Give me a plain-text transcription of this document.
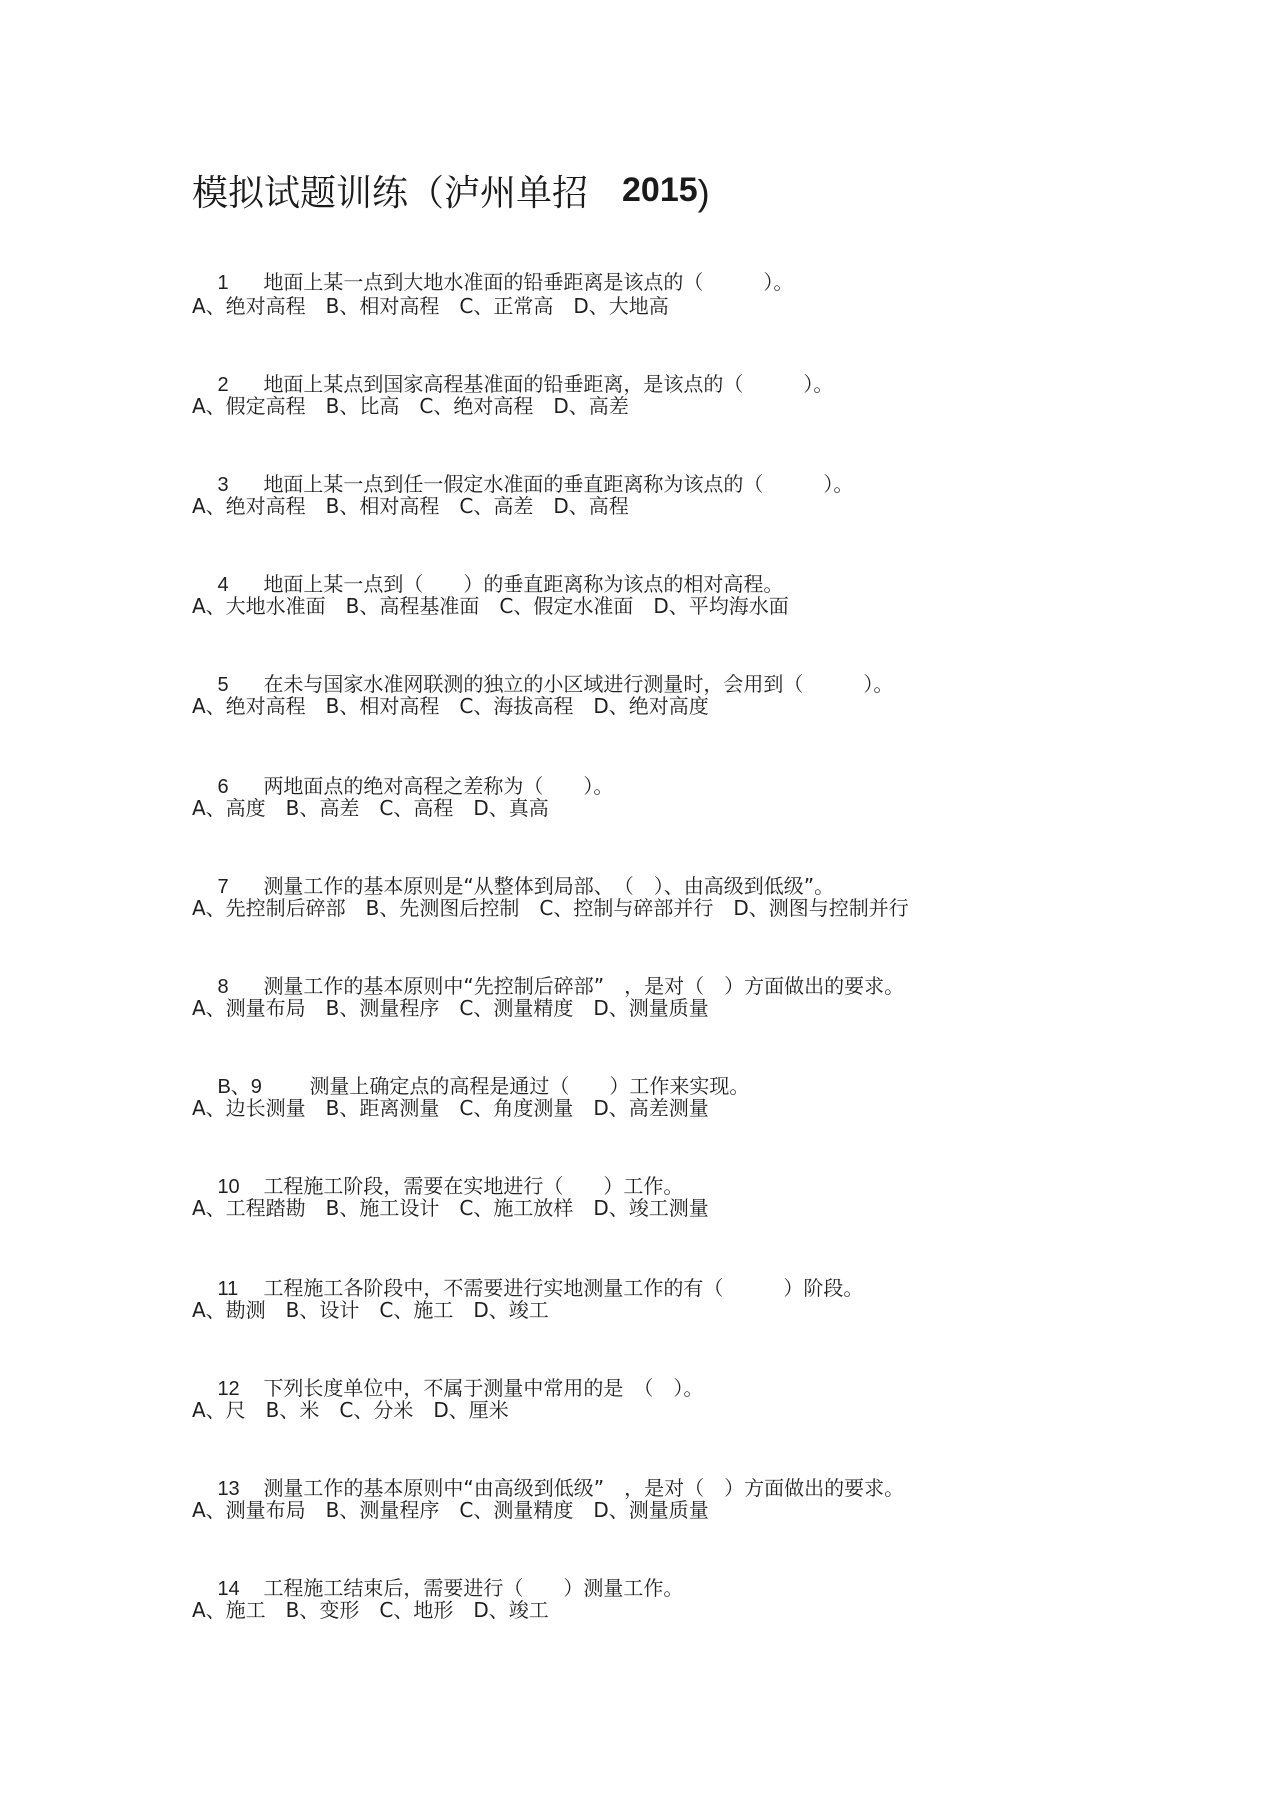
模拟试题训练（泸州单招 2015)

1 地面上某一点到大地水准面的铅垂距离是该点的（　　　）。

A、绝对高程　B、相对高程　C、正常高　D、大地高

2 地面上某点到国家高程基准面的铅垂距离，是该点的（　　　）。

A、假定高程　B、比高　C、绝对高程　D、高差

3 地面上某一点到任一假定水准面的垂直距离称为该点的（　　　）。

A、绝对高程　B、相对高程　C、高差　D、高程

4 地面上某一点到（　　）的垂直距离称为该点的相对高程。

A、大地水准面　B、高程基准面　C、假定水准面　D、平均海水面

5 在未与国家水准网联测的独立的小区域进行测量时，会用到（　　　）。

A、绝对高程　B、相对高程　C、海拔高程　D、绝对高度

6 两地面点的绝对高程之差称为（　　）。

A、高度　B、高差　C、高程　D、真高

7 测量工作的基本原则是“从整体到局部、　（　）、由高级到低级”。

A、先控制后碎部　B、先测图后控制　C、控制与碎部并行　D、测图与控制并行

8 测量工作的基本原则中“先控制后碎部”　，是对（　）方面做出的要求。

A、测量布局　B、测量程序　C、测量精度　D、测量质量

B、9 测量上确定点的高程是通过（　　）工作来实现。

A、边长测量　B、距离测量　C、角度测量　D、高差测量

10 工程施工阶段，需要在实地进行（　　）工作。

A、工程踏勘　B、施工设计　C、施工放样　D、竣工测量

11 工程施工各阶段中，不需要进行实地测量工作的有（　　　）阶段。

A、勘测　B、设计　C、施工　D、竣工

12 下列长度单位中，不属于测量中常用的是　（　）。

A、尺　B、米　C、分米　D、厘米

13 测量工作的基本原则中“由高级到低级”　，是对（　）方面做出的要求。

A、测量布局　B、测量程序　C、测量精度　D、测量质量

14 工程施工结束后，需要进行（　　）测量工作。

A、施工　B、变形　C、地形　D、竣工
